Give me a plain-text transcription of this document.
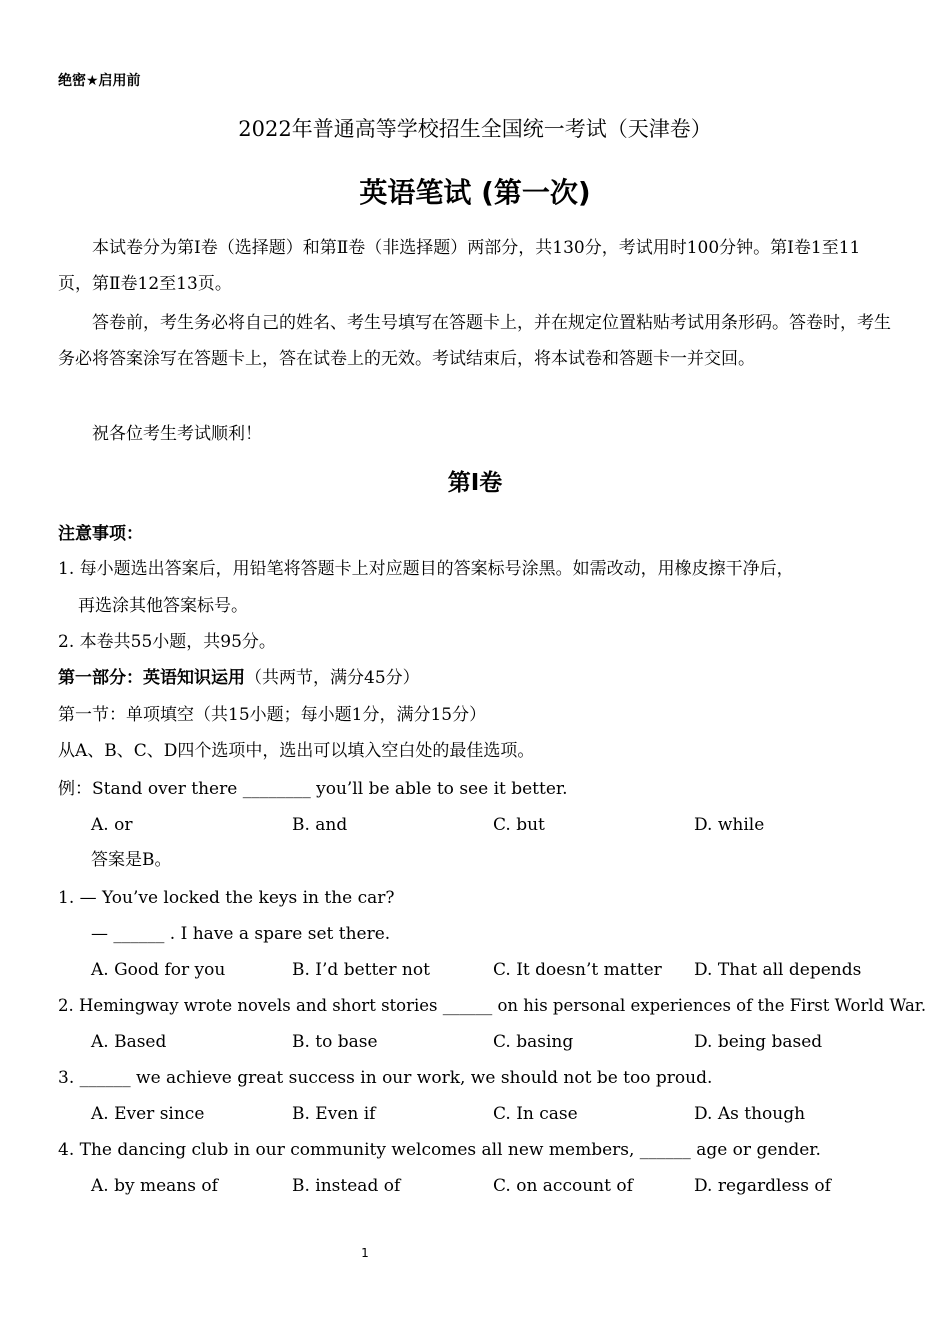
绝密★启用前
2022年普通高等学校招生全国统一考试（天津卷）
英语笔试 (第一次)
本试卷分为第Ⅰ卷（选择题）和第Ⅱ卷（非选择题）两部分，共130分，考试用时100分钟。第Ⅰ卷1至11页，第Ⅱ卷12至13页。
答卷前，考生务必将自己的姓名、考生号填写在答题卡上，并在规定位置粘贴考试用条形码。答卷时，考生务必将答案涂写在答题卡上，答在试卷上的无效。考试结束后，将本试卷和答题卡一并交回。
祝各位考生考试顺利！
第Ⅰ卷
注意事项：
1. 每小题选出答案后，用铅笔将答题卡上对应题目的答案标号涂黑。如需改动，用橡皮擦干净后，
再选涂其他答案标号。
2. 本卷共55小题，共95分。
第一部分：英语知识运用（共两节，满分45分）
第一节：单项填空（共15小题；每小题1分，满分15分）
从A、B、C、D四个选项中，选出可以填入空白处的最佳选项。
例：Stand over there ________ you’ll be able to see it better.
A. or	B. and	C. but	D. while
答案是B。
1. — You’ve locked the keys in the car?
— ______ . I have a spare set there.
A. Good for you	B. I’d better not	C. It doesn’t matter D. That all depends
2. Hemingway wrote novels and short stories ______ on his personal experiences of the First World War.
A. Based	B. to base	C. basing	D. being based
3. ______ we achieve great success in our work, we should not be too proud.
A. Ever since	B. Even if	C. In case	D. As though
4. The dancing club in our community welcomes all new members, ______ age or gender.
A. by means of	B. instead of	C. on account of	D. regardless of
1
